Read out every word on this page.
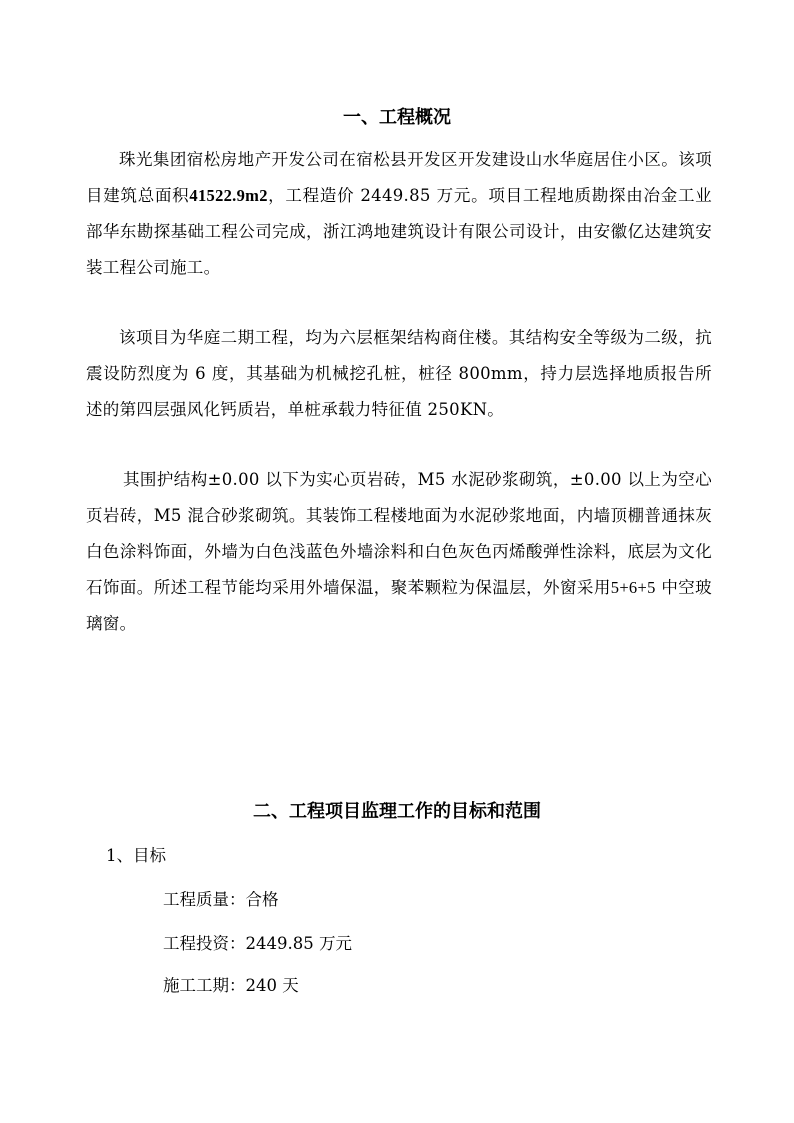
一、工程概况

珠光集团宿松房地产开发公司在宿松县开发区开发建设山水华庭居住小区。该项目建筑总面积41522.9m2，工程造价 2449.85 万元。项目工程地质勘探由冶金工业部华东勘探基础工程公司完成，浙江鸿地建筑设计有限公司设计，由安徽亿达建筑安装工程公司施工。

该项目为华庭二期工程，均为六层框架结构商住楼。其结构安全等级为二级，抗震设防烈度为 6 度，其基础为机械挖孔桩，桩径 800mm，持力层选择地质报告所述的第四层强风化钙质岩，单桩承载力特征值 250KN。

其围护结构±0.00 以下为实心页岩砖，M5 水泥砂浆砌筑，±0.00 以上为空心页岩砖，M5 混合砂浆砌筑。其装饰工程楼地面为水泥砂浆地面，内墙顶棚普通抹灰白色涂料饰面，外墙为白色浅蓝色外墙涂料和白色灰色丙烯酸弹性涂料，底层为文化石饰面。所述工程节能均采用外墙保温，聚苯颗粒为保温层，外窗采用5+6+5 中空玻璃窗。

二、工程项目监理工作的目标和范围

1、目标

工程质量：合格

工程投资：2449.85 万元

施工工期：240 天
